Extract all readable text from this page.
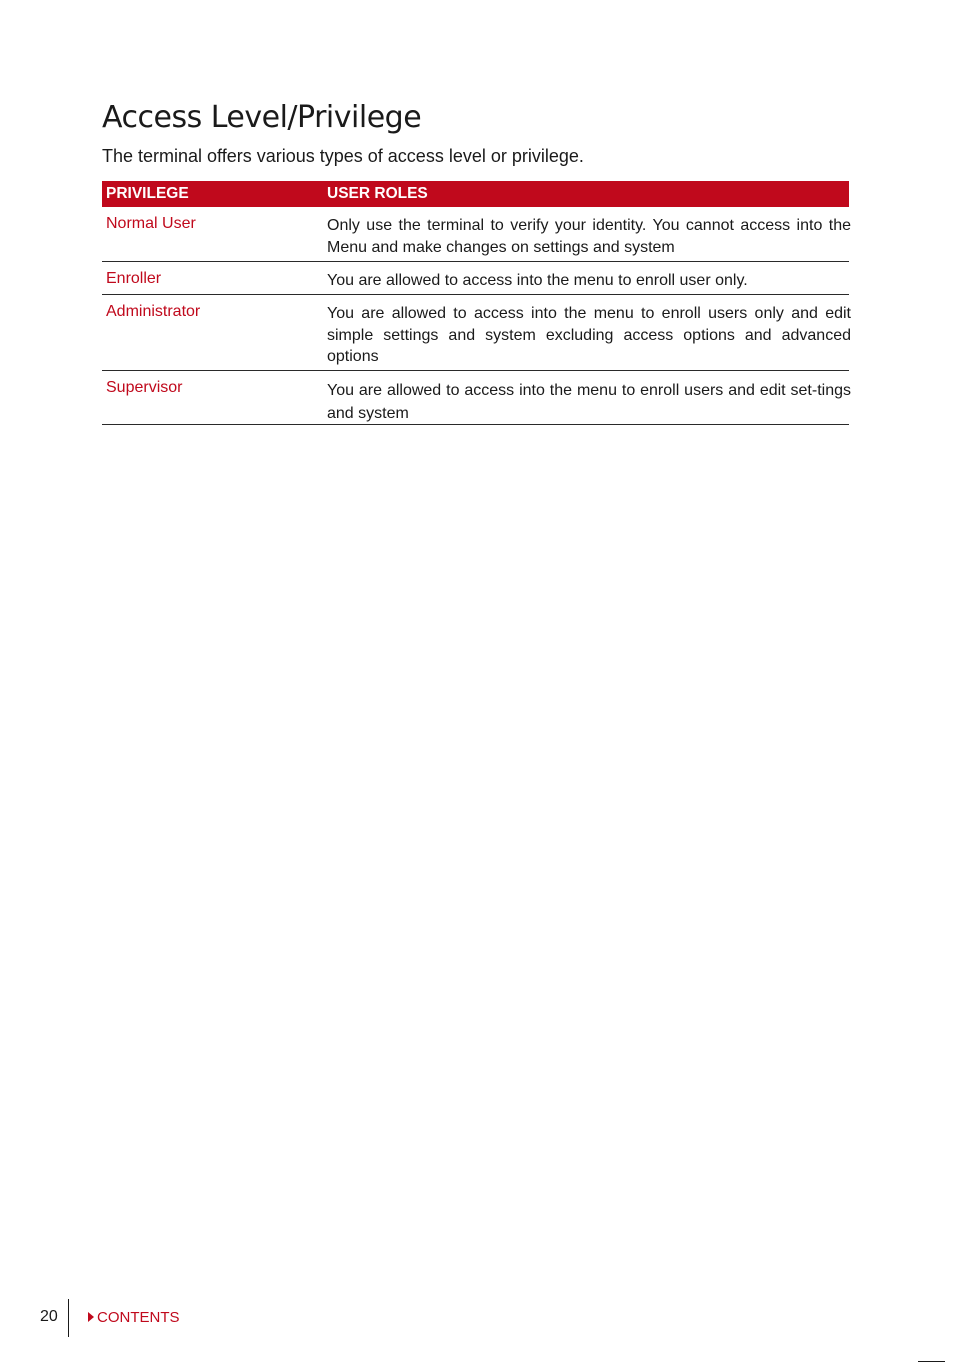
Access Level/Privilege

The terminal offers various types of access level or privilege.

PRIVILEGE	USER ROLES
Normal User	Only use the terminal to verify your identity. You cannot access into the Menu and make changes on settings and system
Enroller	You are allowed to access into the menu to enroll user only.
Administrator	You are allowed to access into the menu to enroll users only and edit simple settings and system excluding access options and advanced options
Supervisor	You are allowed to access into the menu to enroll users and edit set-tings and system
20	CONTENTS
